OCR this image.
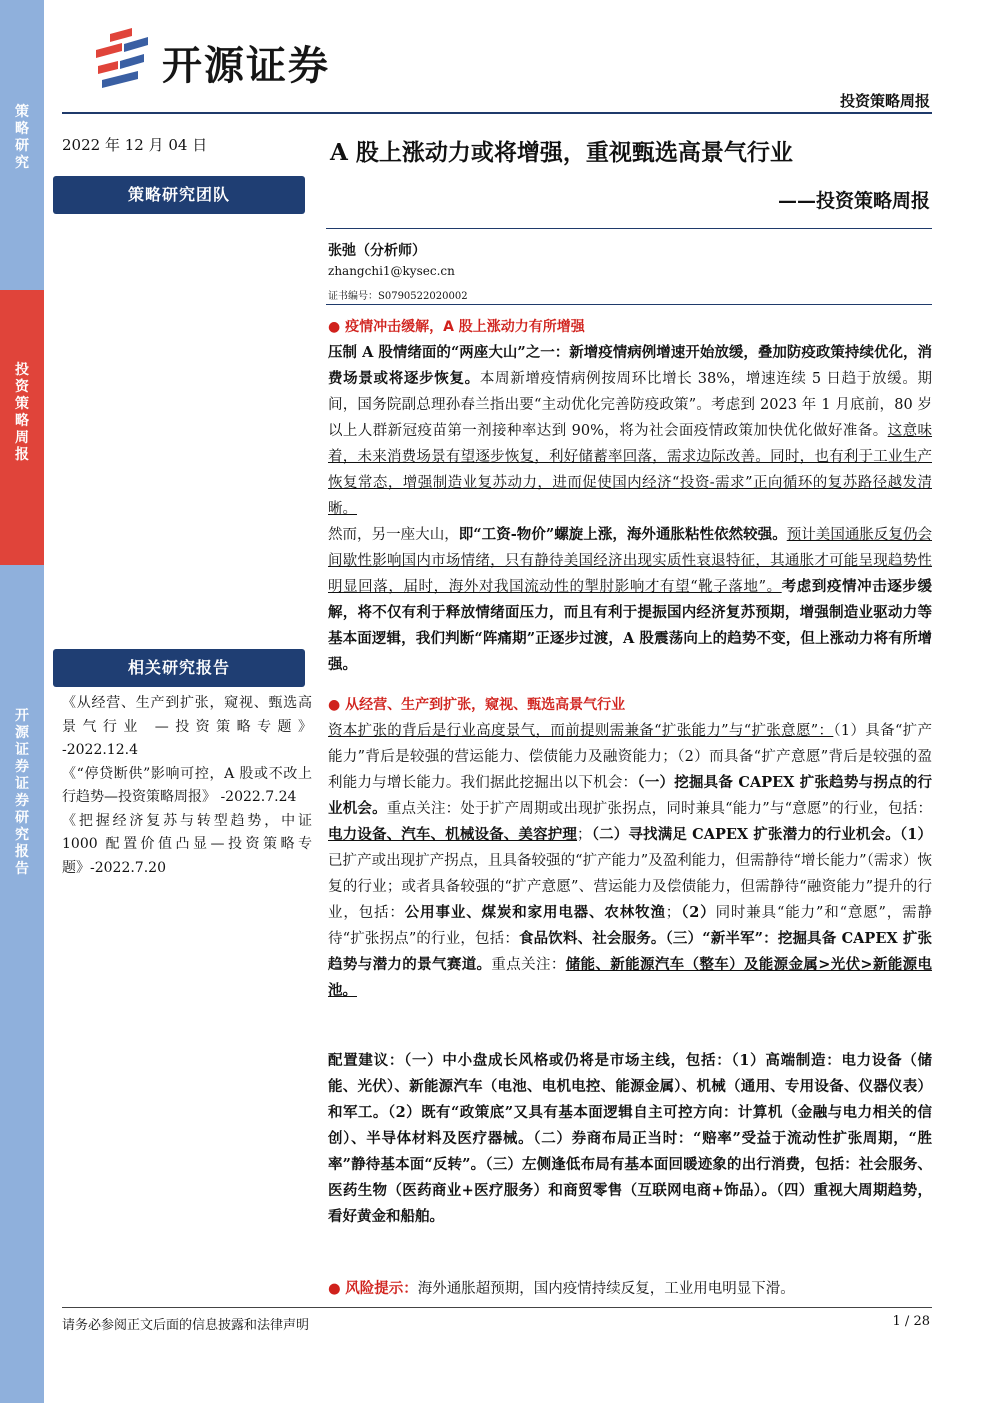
策略研究
投资策略周报
开源证券 证券研究报告
开源证券
投资策略周报
2022 年 12 月 04 日
策略研究团队
相关研究报告

《从经营、生产到扩张，窥视、甄选高景气行业 —投资策略专题》 -2022.12.4

《“停贷断供”影响可控，A 股或不改上行趋势—投资策略周报》 -2022.7.24

《把握经济复苏与转型趋势，中证 1000 配置价值凸显—投资策略专题》-2022.7.20

A 股上涨动力或将增强，重视甄选高景气行业
——投资策略周报
张弛（分析师）
zhangchi1@kysec.cn
证书编号：S0790522020002

● 疫情冲击缓解，A 股上涨动力有所增强

压制 A 股情绪面的“两座大山”之一：新增疫情病例增速开始放缓，叠加防疫政策持续优化，消费场景或将逐步恢复。本周新增疫情病例按周环比增长 38%，增速连续 5 日趋于放缓。期间，国务院副总理孙春兰指出要“主动优化完善防疫政策”。考虑到 2023 年 1 月底前，80 岁以上人群新冠疫苗第一剂接种率达到 90%，将为社会面疫情政策加快优化做好准备。这意味着，未来消费场景有望逐步恢复，利好储蓄率回落，需求边际改善。同时，也有利于工业生产恢复常态，增强制造业复苏动力，进而促使国内经济“投资-需求”正向循环的复苏路径越发清晰。

然而，另一座大山，即“工资-物价”螺旋上涨，海外通胀粘性依然较强。预计美国通胀反复仍会间歇性影响国内市场情绪，只有静待美国经济出现实质性衰退特征，其通胀才可能呈现趋势性明显回落，届时，海外对我国流动性的掣肘影响才有望“靴子落地”。考虑到疫情冲击逐步缓解，将不仅有利于释放情绪面压力，而且有利于提振国内经济复苏预期，增强制造业驱动力等基本面逻辑，我们判断“阵痛期”正逐步过渡，A 股震荡向上的趋势不变，但上涨动力将有所增强。

● 从经营、生产到扩张，窥视、甄选高景气行业

资本扩张的背后是行业高度景气，而前提则需兼备“扩张能力”与“扩张意愿”：（1）具备“扩产能力”背后是较强的营运能力、偿债能力及融资能力；（2）而具备“扩产意愿”背后是较强的盈利能力与增长能力。我们据此挖掘出以下机会：（一）挖掘具备 CAPEX 扩张趋势与拐点的行业机会。重点关注：处于扩产周期或出现扩张拐点，同时兼具“能力”与“意愿”的行业，包括：电力设备、汽车、机械设备、美容护理；（二）寻找满足 CAPEX 扩张潜力的行业机会。（1）已扩产或出现扩产拐点，且具备较强的“扩产能力”及盈利能力，但需静待“增长能力”（需求）恢复的行业；或者具备较强的“扩产意愿”、营运能力及偿债能力，但需静待“融资能力”提升的行业，包括：公用事业、煤炭和家用电器、农林牧渔；（2）同时兼具“能力”和“意愿”，需静待“扩张拐点”的行业，包括：食品饮料、社会服务。（三）“新半军”：挖掘具备 CAPEX 扩张趋势与潜力的景气赛道。重点关注：储能、新能源汽车（整车）及能源金属>光伏>新能源电池。

配置建议：（一）中小盘成长风格或仍将是市场主线，包括：（1）高端制造：电力设备（储能、光伏）、新能源汽车（电池、电机电控、能源金属）、机械（通用、专用设备、仪器仪表）和军工。（2）既有“政策底”又具有基本面逻辑自主可控方向：计算机（金融与电力相关的信创）、半导体材料及医疗器械。（二）券商布局正当时：“赔率”受益于流动性扩张周期，“胜率”静待基本面“反转”。（三）左侧逢低布局有基本面回暖迹象的出行消费，包括：社会服务、医药生物（医药商业+医疗服务）和商贸零售（互联网电商+饰品）。（四）重视大周期趋势，看好黄金和船舶。

● 风险提示：海外通胀超预期，国内疫情持续反复，工业用电明显下滑。

请务必参阅正文后面的信息披露和法律声明	1 / 28
